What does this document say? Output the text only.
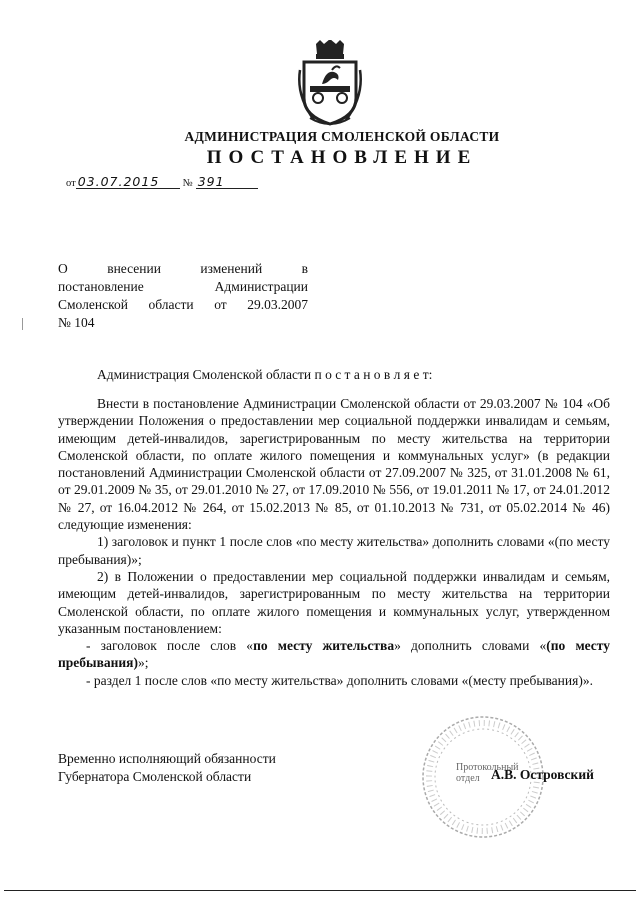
АДМИНИСТРАЦИЯ СМОЛЕНСКОЙ ОБЛАСТИ
ПОСТАНОВЛЕНИЕ
от 03.07.2015 № 391
О внесении изменений в
постановление Администрации
Смоленской области от 29.03.2007
№ 104
Администрация Смоленской области п о с т а н о в л я е т:

Внести в постановление Администрации Смоленской области от 29.03.2007 № 104 «Об утверждении Положения о предоставлении мер социальной поддержки инвалидам и семьям, имеющим детей-инвалидов, зарегистрированным по месту жительства на территории Смоленской области, по оплате жилого помещения и коммунальных услуг» (в редакции постановлений Администрации Смоленской области от 27.09.2007 № 325, от 31.01.2008 № 61, от 29.01.2009 № 35, от 29.01.2010 № 27, от 17.09.2010 № 556, от 19.01.2011 № 17, от 24.01.2012 № 27, от 16.04.2012 № 264, от 15.02.2013 № 85, от 01.10.2013 № 731, от 05.02.2014 № 46) следующие изменения:

1) заголовок и пункт 1 после слов «по месту жительства» дополнить словами «(по месту пребывания)»;

2) в Положении о предоставлении мер социальной поддержки инвалидам и семьям, имеющим детей-инвалидов, зарегистрированным по месту жительства на территории Смоленской области, по оплате жилого помещения и коммунальных услуг, утвержденном указанным постановлением:

- заголовок после слов «по месту жительства» дополнить словами «(по месту пребывания)»;

- раздел 1 после слов «по месту жительства» дополнить словами «(месту пребывания)».

Протокольный
отдел
Временно исполняющий обязанности
Губернатора Смоленской области	А.В. Островский
